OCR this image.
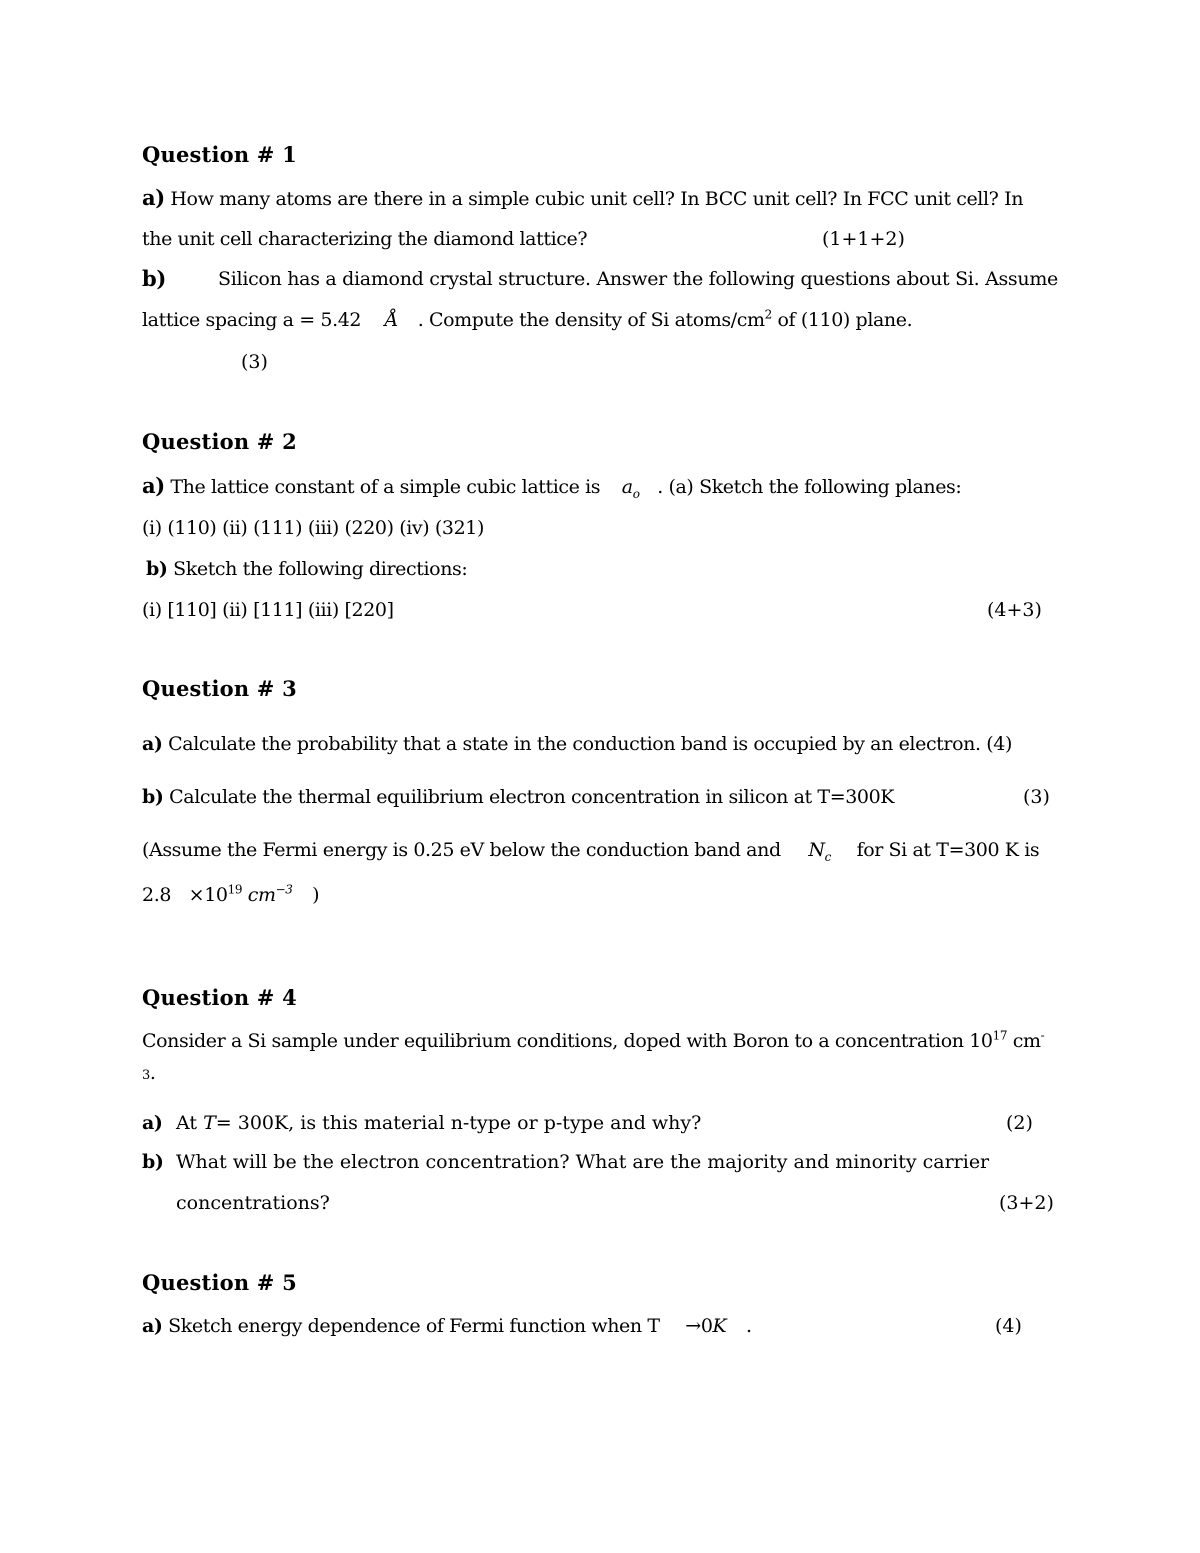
Question # 1
a) How many atoms are there in a simple cubic unit cell? In BCC unit cell? In FCC unit cell? In
the unit cell characterizing the diamond lattice?	(1+1+2)
b)	Silicon has a diamond crystal structure. Answer the following questions about Si. Assume
lattice spacing a = 5.42 Å . Compute the density of Si atoms/$cm^2$ of (110) plane.
(3)
Question # 2
a) The lattice constant of a simple cubic lattice is $a_o$ . (a) Sketch the following planes:
(i) (110) (ii) (111) (iii) (220) (iv) (321)
b) Sketch the following directions:
(i) [110] (ii) [111] (iii) [220]	(4+3)
Question # 3
a) Calculate the probability that a state in the conduction band is occupied by an electron. (4)
b) Calculate the thermal equilibrium electron concentration in silicon at T=300K	(3)
(Assume the Fermi energy is 0.25 eV below the conduction band and $N_c$ for Si at T=300 K is
$2.8 \times 10^{19}$ $cm^{-3}$ )
Question # 4
Consider a Si sample under equilibrium conditions, doped with Boron to a concentration $10^{17}$ cm-
3.
a) At T= 300K, is this material n-type or p-type and why?	(2)
b) What will be the electron concentration? What are the majority and minority carrier
concentrations?	(3+2)
Question # 5
a) Sketch energy dependence of Fermi function when T →0K .	(4)
